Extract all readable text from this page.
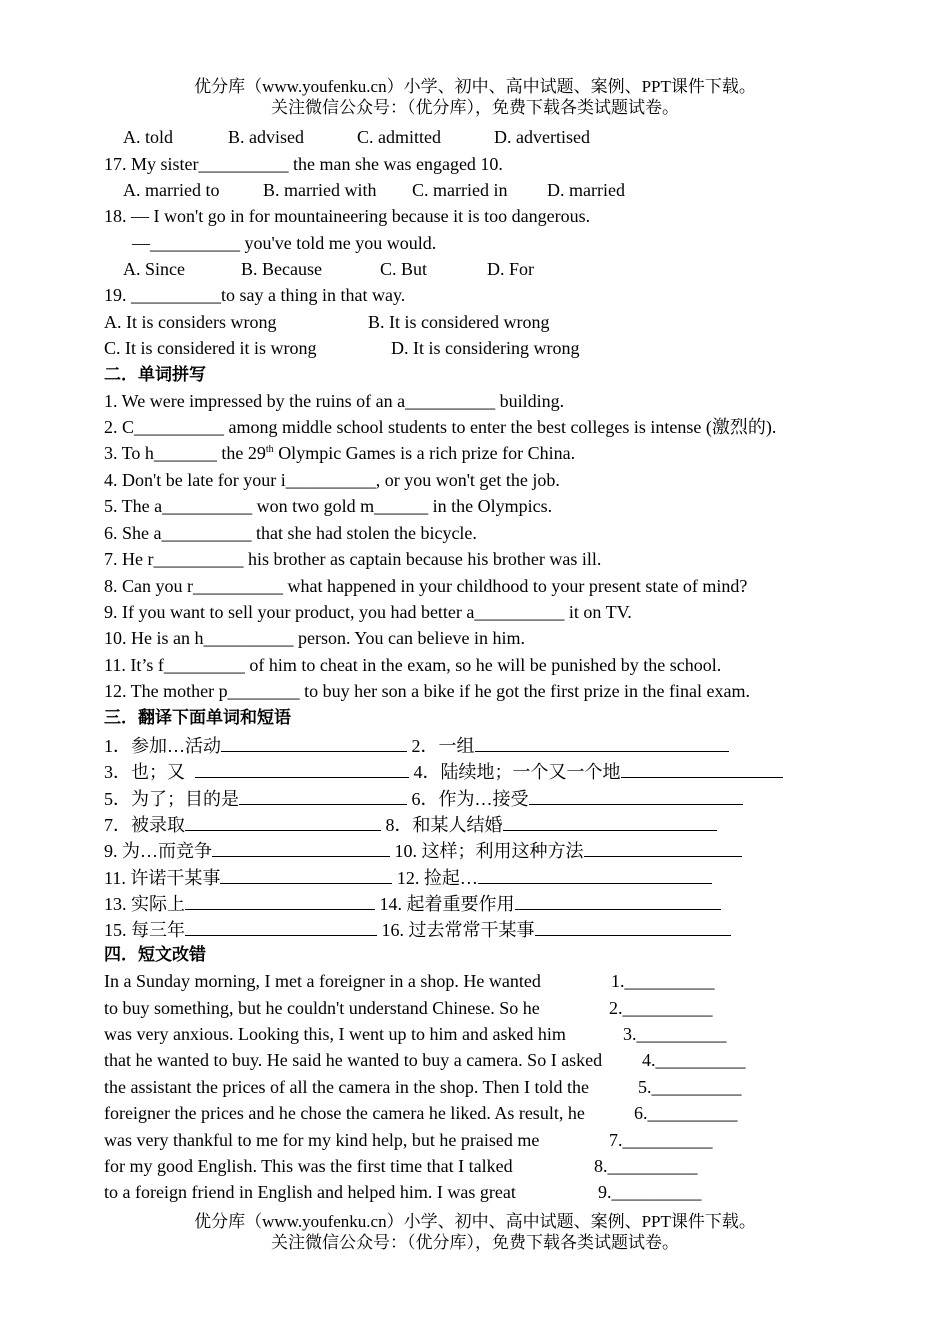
优分库（www.youfenku.cn）小学、初中、高中试题、案例、PPT课件下载。
关注微信公众号：（优分库），免费下载各类试题试卷。
A. told	B. advised	C. admitted	D. advertised
17. My sister__________ the man she was engaged 10.
A. married to B. married with C. married in D. married
18. — I won't go in for mountaineering because it is too dangerous.
—__________ you've told me you would.
A. Since	B. Because	C. But	D. For
19. __________to say a thing in that way.
A. It is considers wrong	B. It is considered wrong
C. It is considered it is wrong	D. It is considering wrong
二．单词拼写
1. We were impressed by the ruins of an a__________ building.
2. C__________ among middle school students to enter the best colleges is intense (激烈的).
3. To h_______ the 29th Olympic Games is a rich prize for China.
4. Don't be late for your i__________, or you won't get the job.
5. The a__________ won two gold m______ in the Olympics.
6. She a__________ that she had stolen the bicycle.
7. He r__________ his brother as captain because his brother was ill.
8. Can you r__________ what happened in your childhood to your present state of mind?
9. If you want to sell your product, you had better a__________ it on TV.
10. He is an h__________ person. You can believe in him.
11. It’s f_________ of him to cheat in the exam, so he will be punished by the school.
12. The mother p________ to buy her son a bike if he got the first prize in the final exam.
三．翻译下面单词和短语
1．参加…活动	2．一组
3．也；又	4．陆续地；一个又一个地
5．为了；目的是	6．作为…接受
7．被录取	8．和某人结婚
9. 为…而竞争	10. 这样；利用这种方法
11. 许诺干某事	12. 捡起…
13. 实际上	14. 起着重要作用
15. 每三年	16. 过去常常干某事
四．短文改错
In a Sunday morning, I met a foreigner in a shop. He wanted	1.__________
to buy something, but he couldn't understand Chinese. So he	2.__________
was very anxious. Looking this, I went up to him and asked him	3.__________
that he wanted to buy. He said he wanted to buy a camera. So I asked 4.__________
the assistant the prices of all the camera in the shop. Then I told the	5.__________
foreigner the prices and he chose the camera he liked. As result, he	6.__________
was very thankful to me for my kind help, but he praised me	7.__________
for my good English. This was the first time that I talked	8.__________
to a foreign friend in English and helped him. I was great	9.__________
优分库（www.youfenku.cn）小学、初中、高中试题、案例、PPT课件下载。
关注微信公众号：（优分库），免费下载各类试题试卷。
